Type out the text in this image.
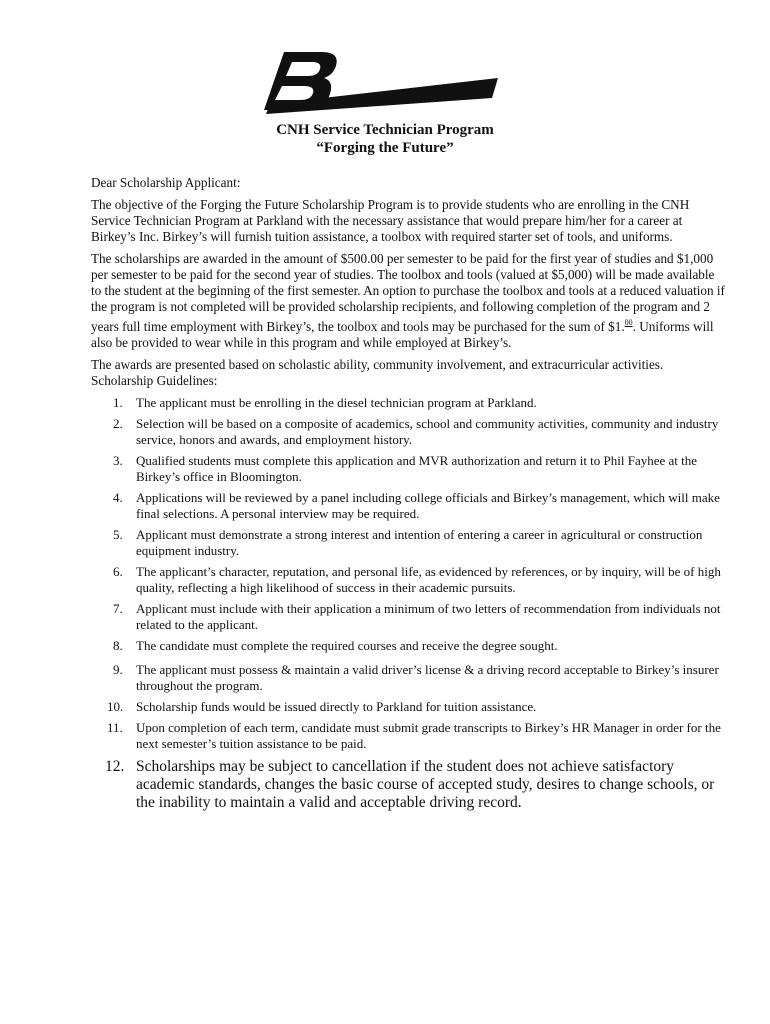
CNH Service Technician Program
“Forging the Future”

Dear Scholarship Applicant:

The objective of the Forging the Future Scholarship Program is to provide students who are enrolling in the CNH Service Technician Program at Parkland with the necessary assistance that would prepare him/her for a career at Birkey’s Inc. Birkey’s will furnish tuition assistance, a toolbox with required starter set of tools, and uniforms.

The scholarships are awarded in the amount of $500.00 per semester to be paid for the first year of studies and $1,000 per semester to be paid for the second year of studies. The toolbox and tools (valued at $5,000) will be made available to the student at the beginning of the first semester. An option to purchase the toolbox and tools at a reduced valuation if the program is not completed will be provided scholarship recipients, and following completion of the program and 2 years full time employment with Birkey’s, the toolbox and tools may be purchased for the sum of $1.00. Uniforms will also be provided to wear while in this program and while employed at Birkey’s.

The awards are presented based on scholastic ability, community involvement, and extracurricular activities. Scholarship Guidelines:

1. The applicant must be enrolling in the diesel technician program at Parkland.
2. Selection will be based on a composite of academics, school and community activities, community and industry service, honors and awards, and employment history.
3. Qualified students must complete this application and MVR authorization and return it to Phil Fayhee at the Birkey’s office in Bloomington.
4. Applications will be reviewed by a panel including college officials and Birkey’s management, which will make final selections. A personal interview may be required.
5. Applicant must demonstrate a strong interest and intention of entering a career in agricultural or construction equipment industry.
6. The applicant’s character, reputation, and personal life, as evidenced by references, or by inquiry, will be of high quality, reflecting a high likelihood of success in their academic pursuits.
7. Applicant must include with their application a minimum of two letters of recommendation from individuals not related to the applicant.
8. The candidate must complete the required courses and receive the degree sought.
9. The applicant must possess & maintain a valid driver’s license & a driving record acceptable to Birkey’s insurer throughout the program.
10. Scholarship funds would be issued directly to Parkland for tuition assistance.
11. Upon completion of each term, candidate must submit grade transcripts to Birkey’s HR Manager in order for the next semester’s tuition assistance to be paid.
12. Scholarships may be subject to cancellation if the student does not achieve satisfactory academic standards, changes the basic course of accepted study, desires to change schools, or the inability to maintain a valid and acceptable driving record.
